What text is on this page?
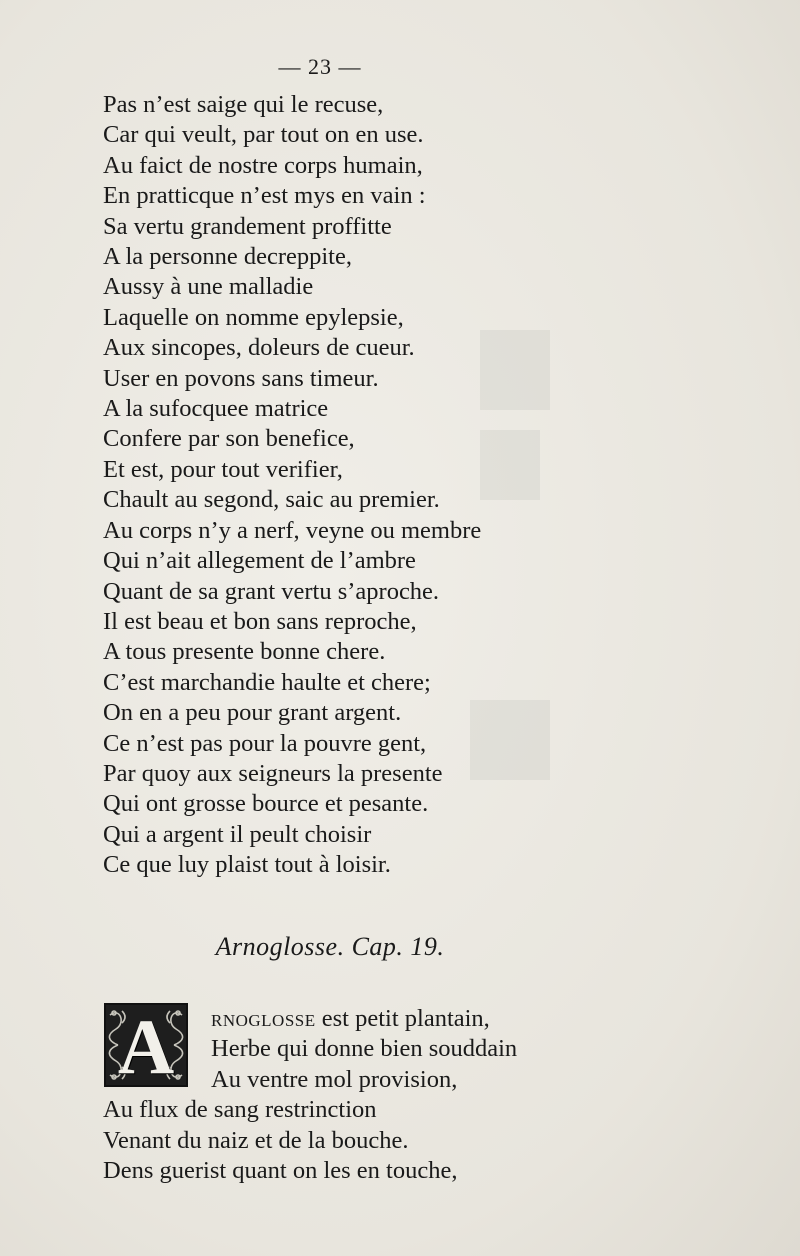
— 23 —
Pas n’est saige qui le recuse,
Car qui veult, par tout on en use.
Au faict de nostre corps humain,
En pratticque n’est mys en vain :
Sa vertu grandement proffitte
A la personne decreppite,
Aussy à une malladie
Laquelle on nomme epylepsie,
Aux sincopes, doleurs de cueur.
User en povons sans timeur.
A la sufocquee matrice
Confere par son benefice,
Et est, pour tout verifier,
Chault au segond, saic au premier.
Au corps n’y a nerf, veyne ou membre
Qui n’ait allegement de l’ambre
Quant de sa grant vertu s’aproche.
Il est beau et bon sans reproche,
A tous presente bonne chere.
C’est marchandie haulte et chere;
On en a peu pour grant argent.
Ce n’est pas pour la pouvre gent,
Par quoy aux seigneurs la presente
Qui ont grosse bource et pesante.
Qui a argent il peult choisir
Ce que luy plaist tout à loisir.
Arnoglosse. Cap. 19.
A	rnoglosse est petit plantain,
Herbe qui donne bien souddain
Au ventre mol provision,
Au flux de sang restrinction
Venant du naiz et de la bouche.
Dens guerist quant on les en touche,
